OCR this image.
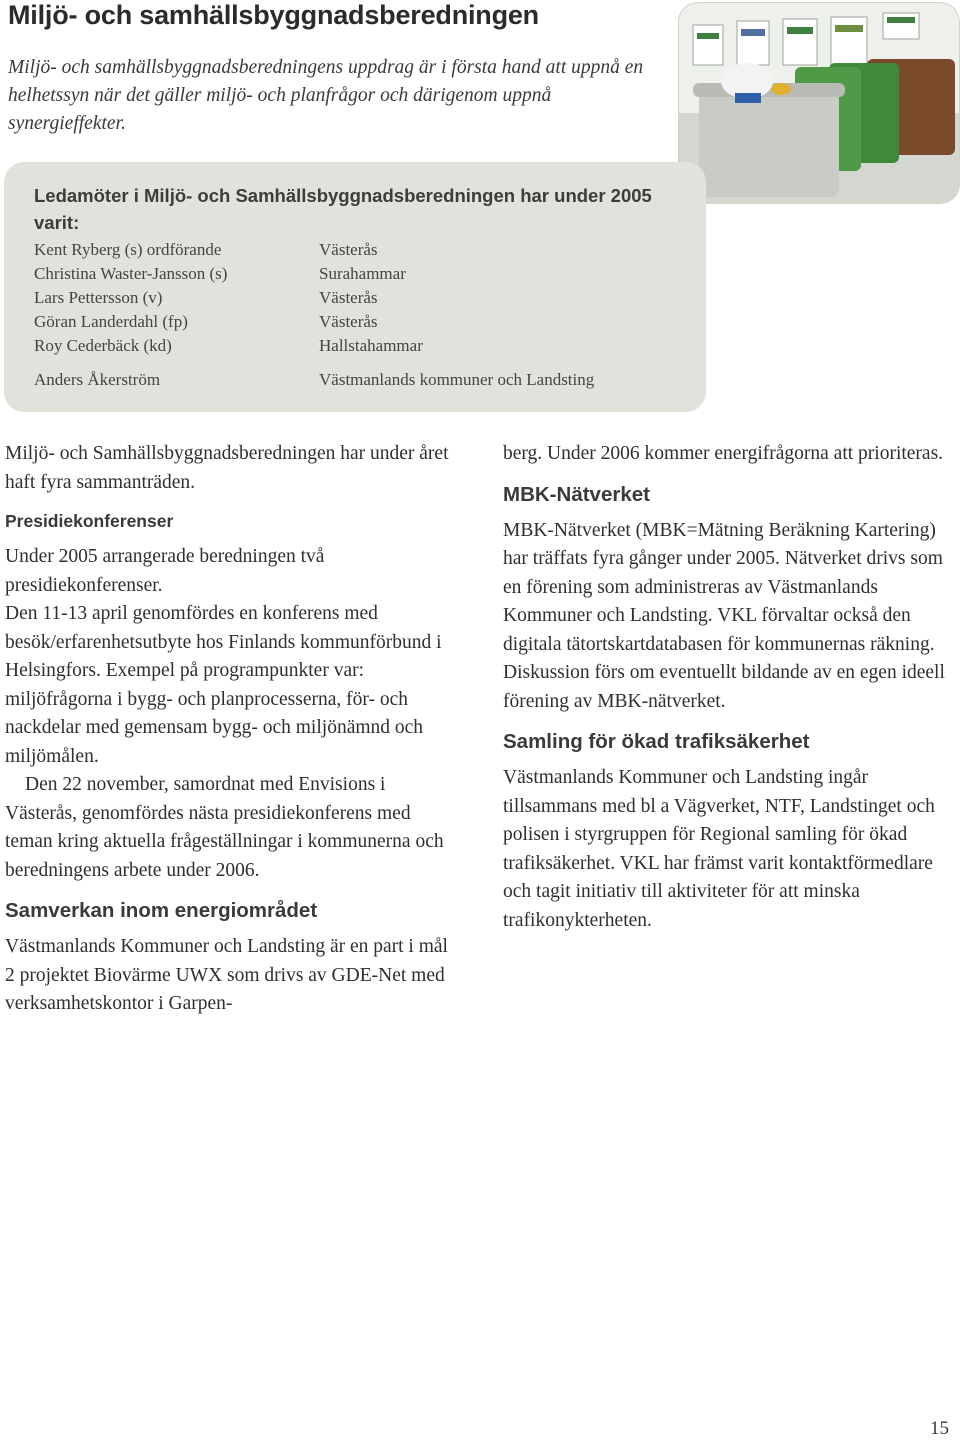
Miljö- och samhällsbyggnadsberedningen
Miljö- och samhällsbyggnadsberedningens uppdrag är i första hand att uppnå en helhetssyn när det gäller miljö- och planfrågor och därigenom uppnå synergieffekter.
Ledamöter i Miljö- och Samhällsbyggnadsberedningen har under 2005 varit:
Kent Ryberg (s) ordförande	Västerås
Christina Waster-Jansson (s)	Surahammar
Lars Pettersson (v)	Västerås
Göran Landerdahl (fp)	Västerås
Roy Cederbäck (kd)	Hallstahammar
Anders Åkerström	Västmanlands kommuner och Landsting

Miljö- och Samhällsbyggnadsberedningen har under året haft fyra sammanträden.

Presidiekonferenser

Under 2005 arrangerade beredningen två presidiekonferenser.

Den 11-13 april genomfördes en konferens med besök/erfarenhetsutbyte hos Finlands kommunförbund i Helsingfors. Exempel på programpunkter var: miljöfrågorna i bygg- och planprocesserna, för- och nackdelar med gemensam bygg- och miljönämnd och miljömålen.

Den 22 november, samordnat med Envisions i Västerås, genomfördes nästa presidiekonferens med teman kring aktuella frågeställningar i kommunerna och beredningens arbete under 2006.

Samverkan inom energiområdet

Västmanlands Kommuner och Landsting är en part i mål 2 projektet Biovärme UWX som drivs av GDE-Net med verksamhetskontor i Garpen-

berg. Under 2006 kommer energifrågorna att prioriteras.

MBK-Nätverket

MBK-Nätverket (MBK=Mätning Beräkning Kartering) har träffats fyra gånger under 2005. Nätverket drivs som en förening som administreras av Västmanlands Kommuner och Landsting. VKL förvaltar också den digitala tätortskartdatabasen för kommunernas räkning. Diskussion förs om eventuellt bildande av en egen ideell förening av MBK-nätverket.

Samling för ökad trafiksäkerhet

Västmanlands Kommuner och Landsting ingår tillsammans med bl a Vägverket, NTF, Landstinget och polisen i styrgruppen för Regional samling för ökad trafiksäkerhet. VKL har främst varit kontaktförmedlare och tagit initiativ till aktiviteter för att minska trafikonykterheten.

15
